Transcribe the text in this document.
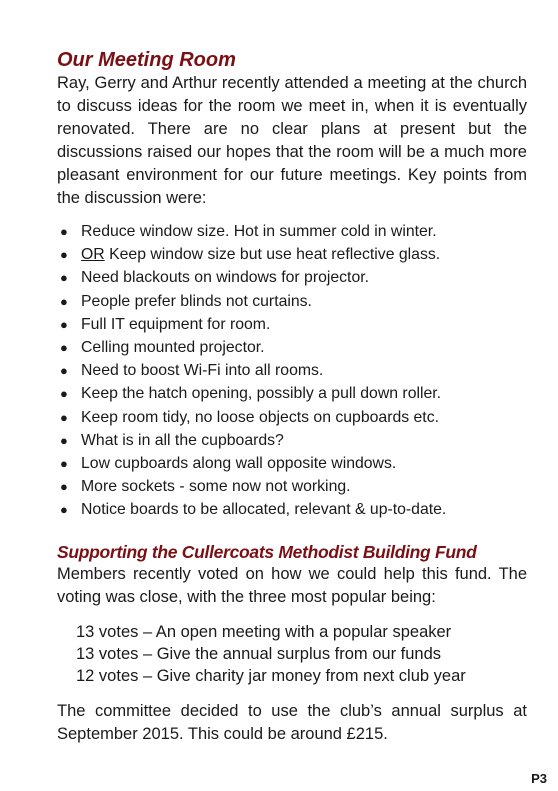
Our Meeting Room

Ray, Gerry and Arthur recently attended a meeting at the church to discuss ideas for the room we meet in, when it is eventually renovated. There are no clear plans at present but the discussions raised our hopes that the room will be a much more pleasant environment for our future meetings. Key points from the discussion were:

● Reduce window size. Hot in summer cold in winter.
● OR Keep window size but use heat reflective glass.
● Need blackouts on windows for projector.
● People prefer blinds not curtains.
● Full IT equipment for room.
● Celling mounted projector.
● Need to boost Wi-Fi into all rooms.
● Keep the hatch opening, possibly a pull down roller.
● Keep room tidy, no loose objects on cupboards etc.
● What is in all the cupboards?
● Low cupboards along wall opposite windows.
● More sockets - some now not working.
● Notice boards to be allocated, relevant & up-to-date.
Supporting the Cullercoats Methodist Building Fund

Members recently voted on how we could help this fund. The voting was close, with the three most popular being:

13 votes – An open meeting with a popular speaker
13 votes – Give the annual surplus from our funds
12 votes – Give charity jar money from next club year

The committee decided to use the club’s annual surplus at September 2015. This could be around £215.

P3
